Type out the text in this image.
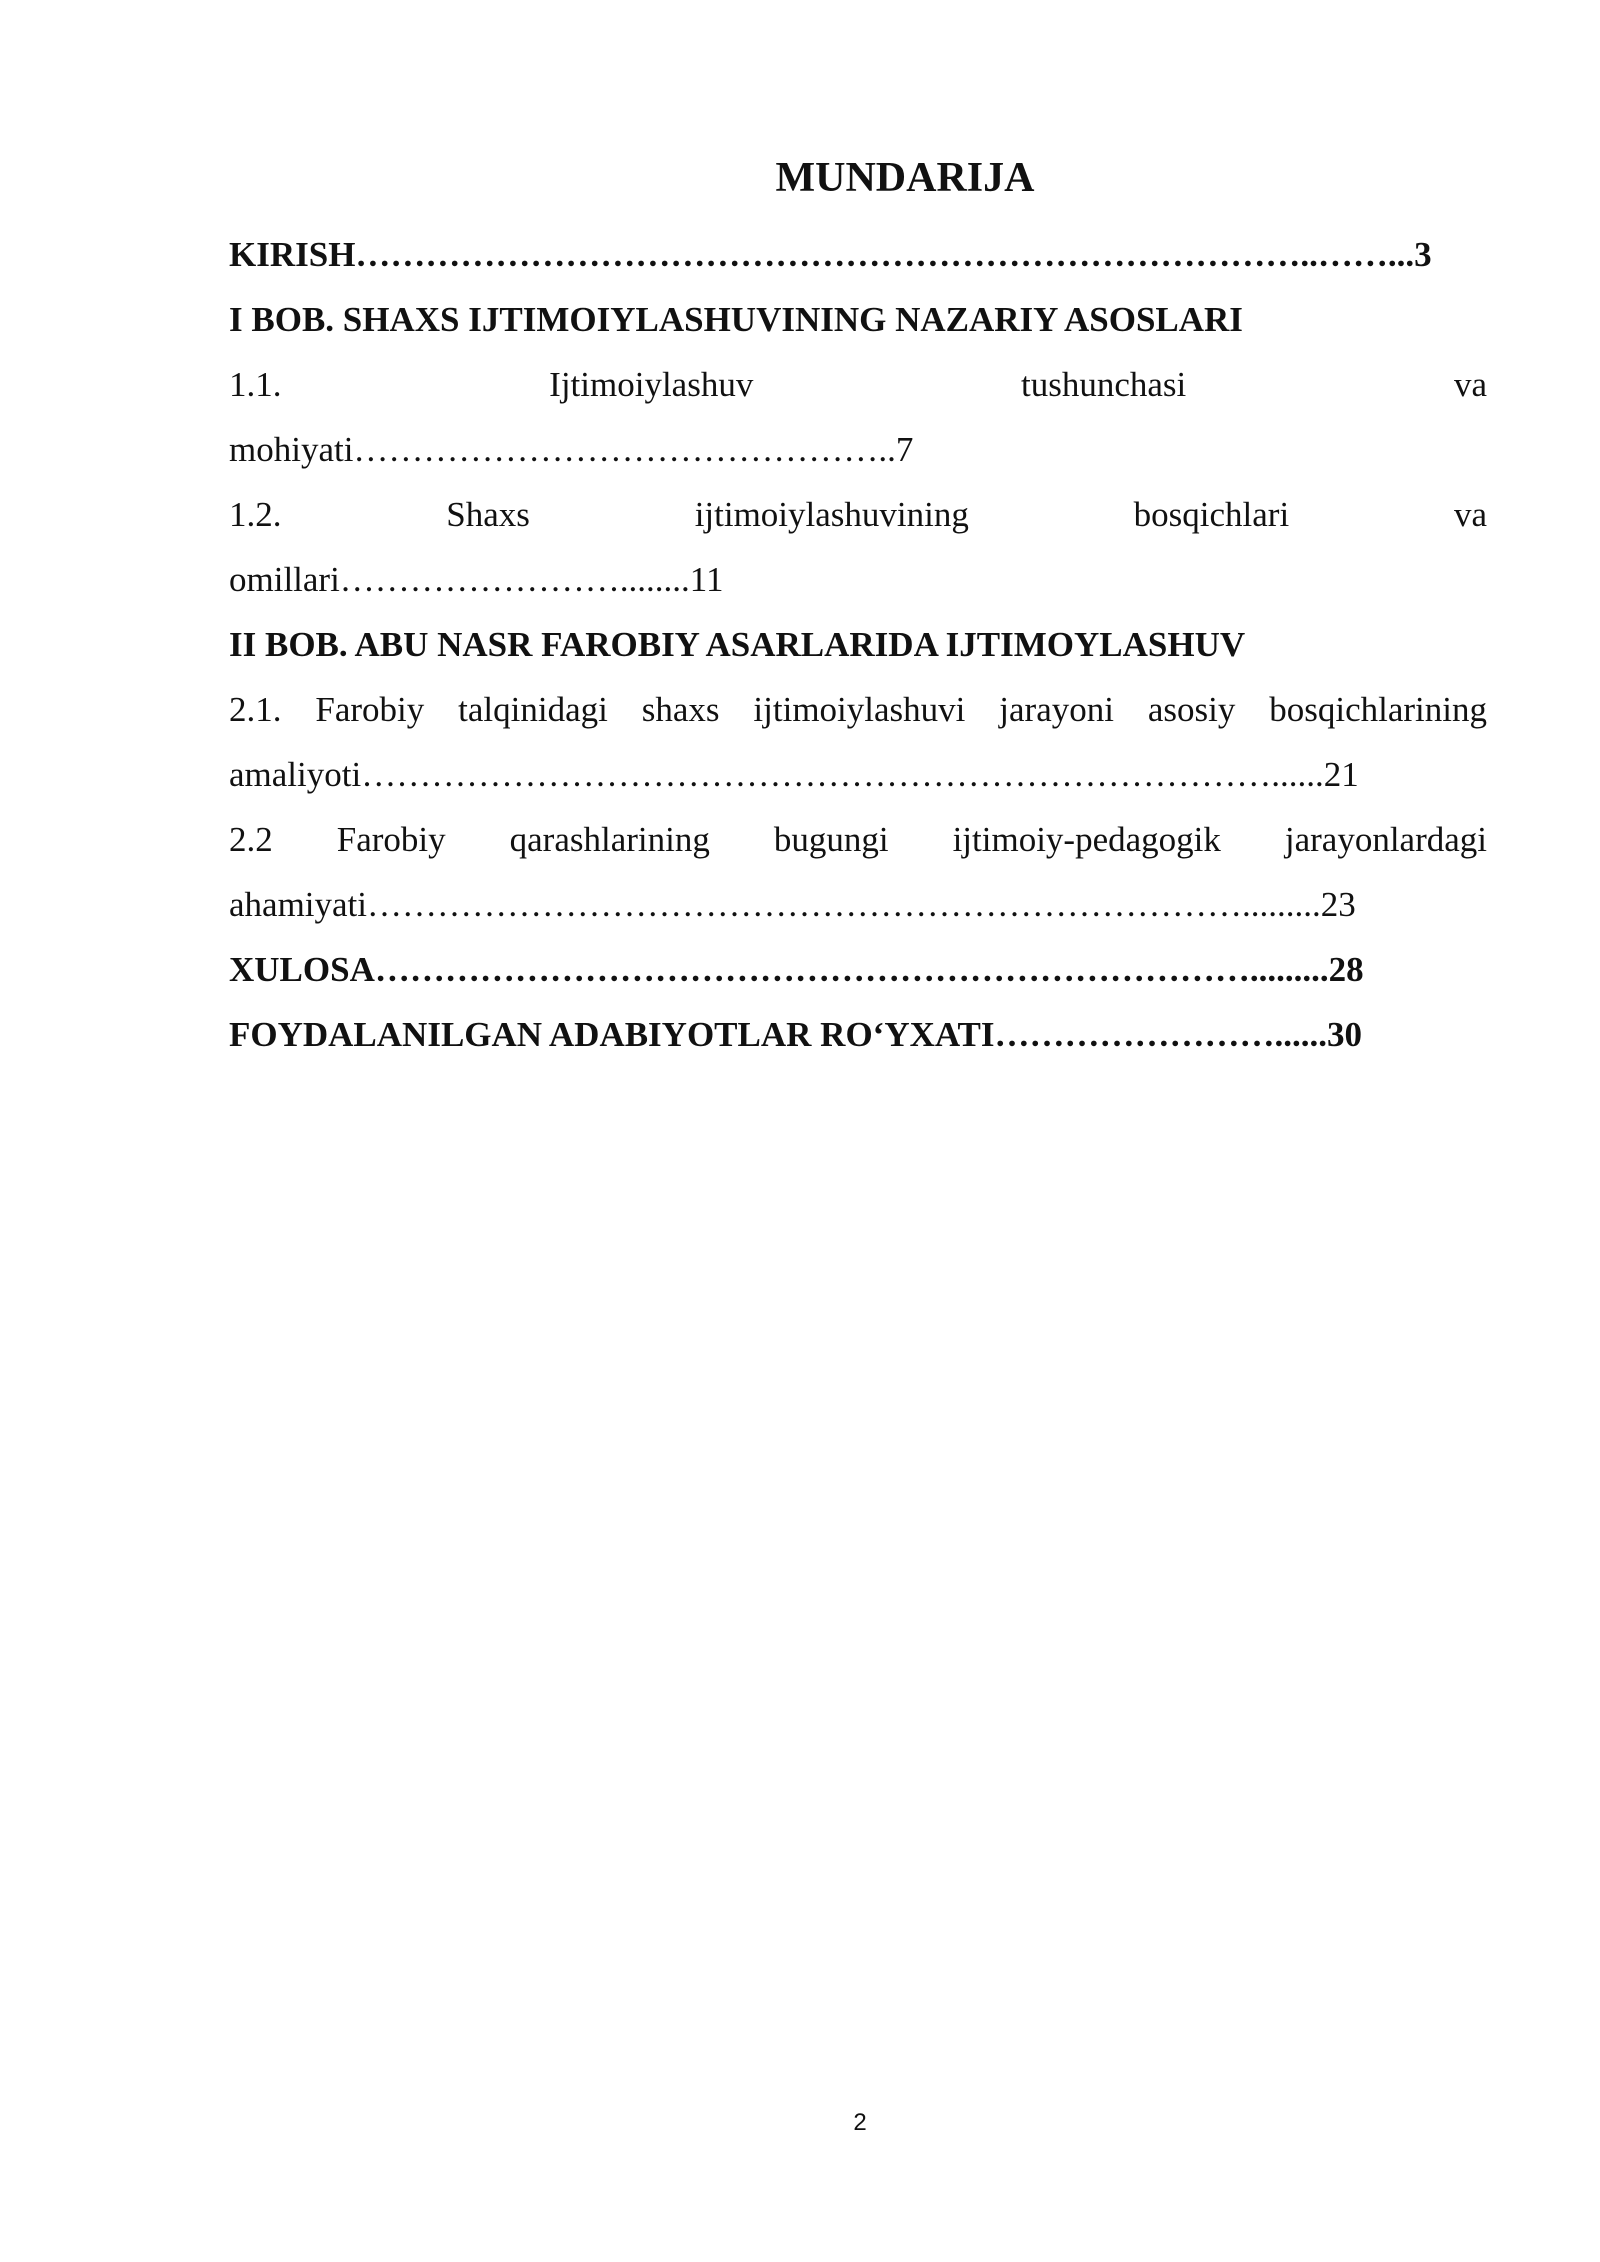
MUNDARIJA
KIRISH………………………………………………………………………..……...3
I BOB. SHAXS IJTIMOIYLASHUVINING NAZARIY ASOSLARI
1.1. Ijtimoiylashuv tushunchasi va
mohiyati………………………………………..7
1.2. Shaxs ijtimoiylashuvining bosqichlari va
omillari……………………........11
II BOB. ABU NASR FAROBIY ASARLARIDA IJTIMOYLASHUV
2.1. Farobiy talqinidagi shaxs ijtimoiylashuvi jarayoni asosiy bosqichlarining
amaliyoti……………………………………………………………………......21
2.2 Farobiy qarashlarining bugungi ijtimoiy-pedagogik jarayonlardagi
ahamiyati………………………………………………………………….........23
XULOSA………………………………………………………………….........28
FOYDALANILGAN ADABIYOTLAR RO‘YXATI……………………......30
2
